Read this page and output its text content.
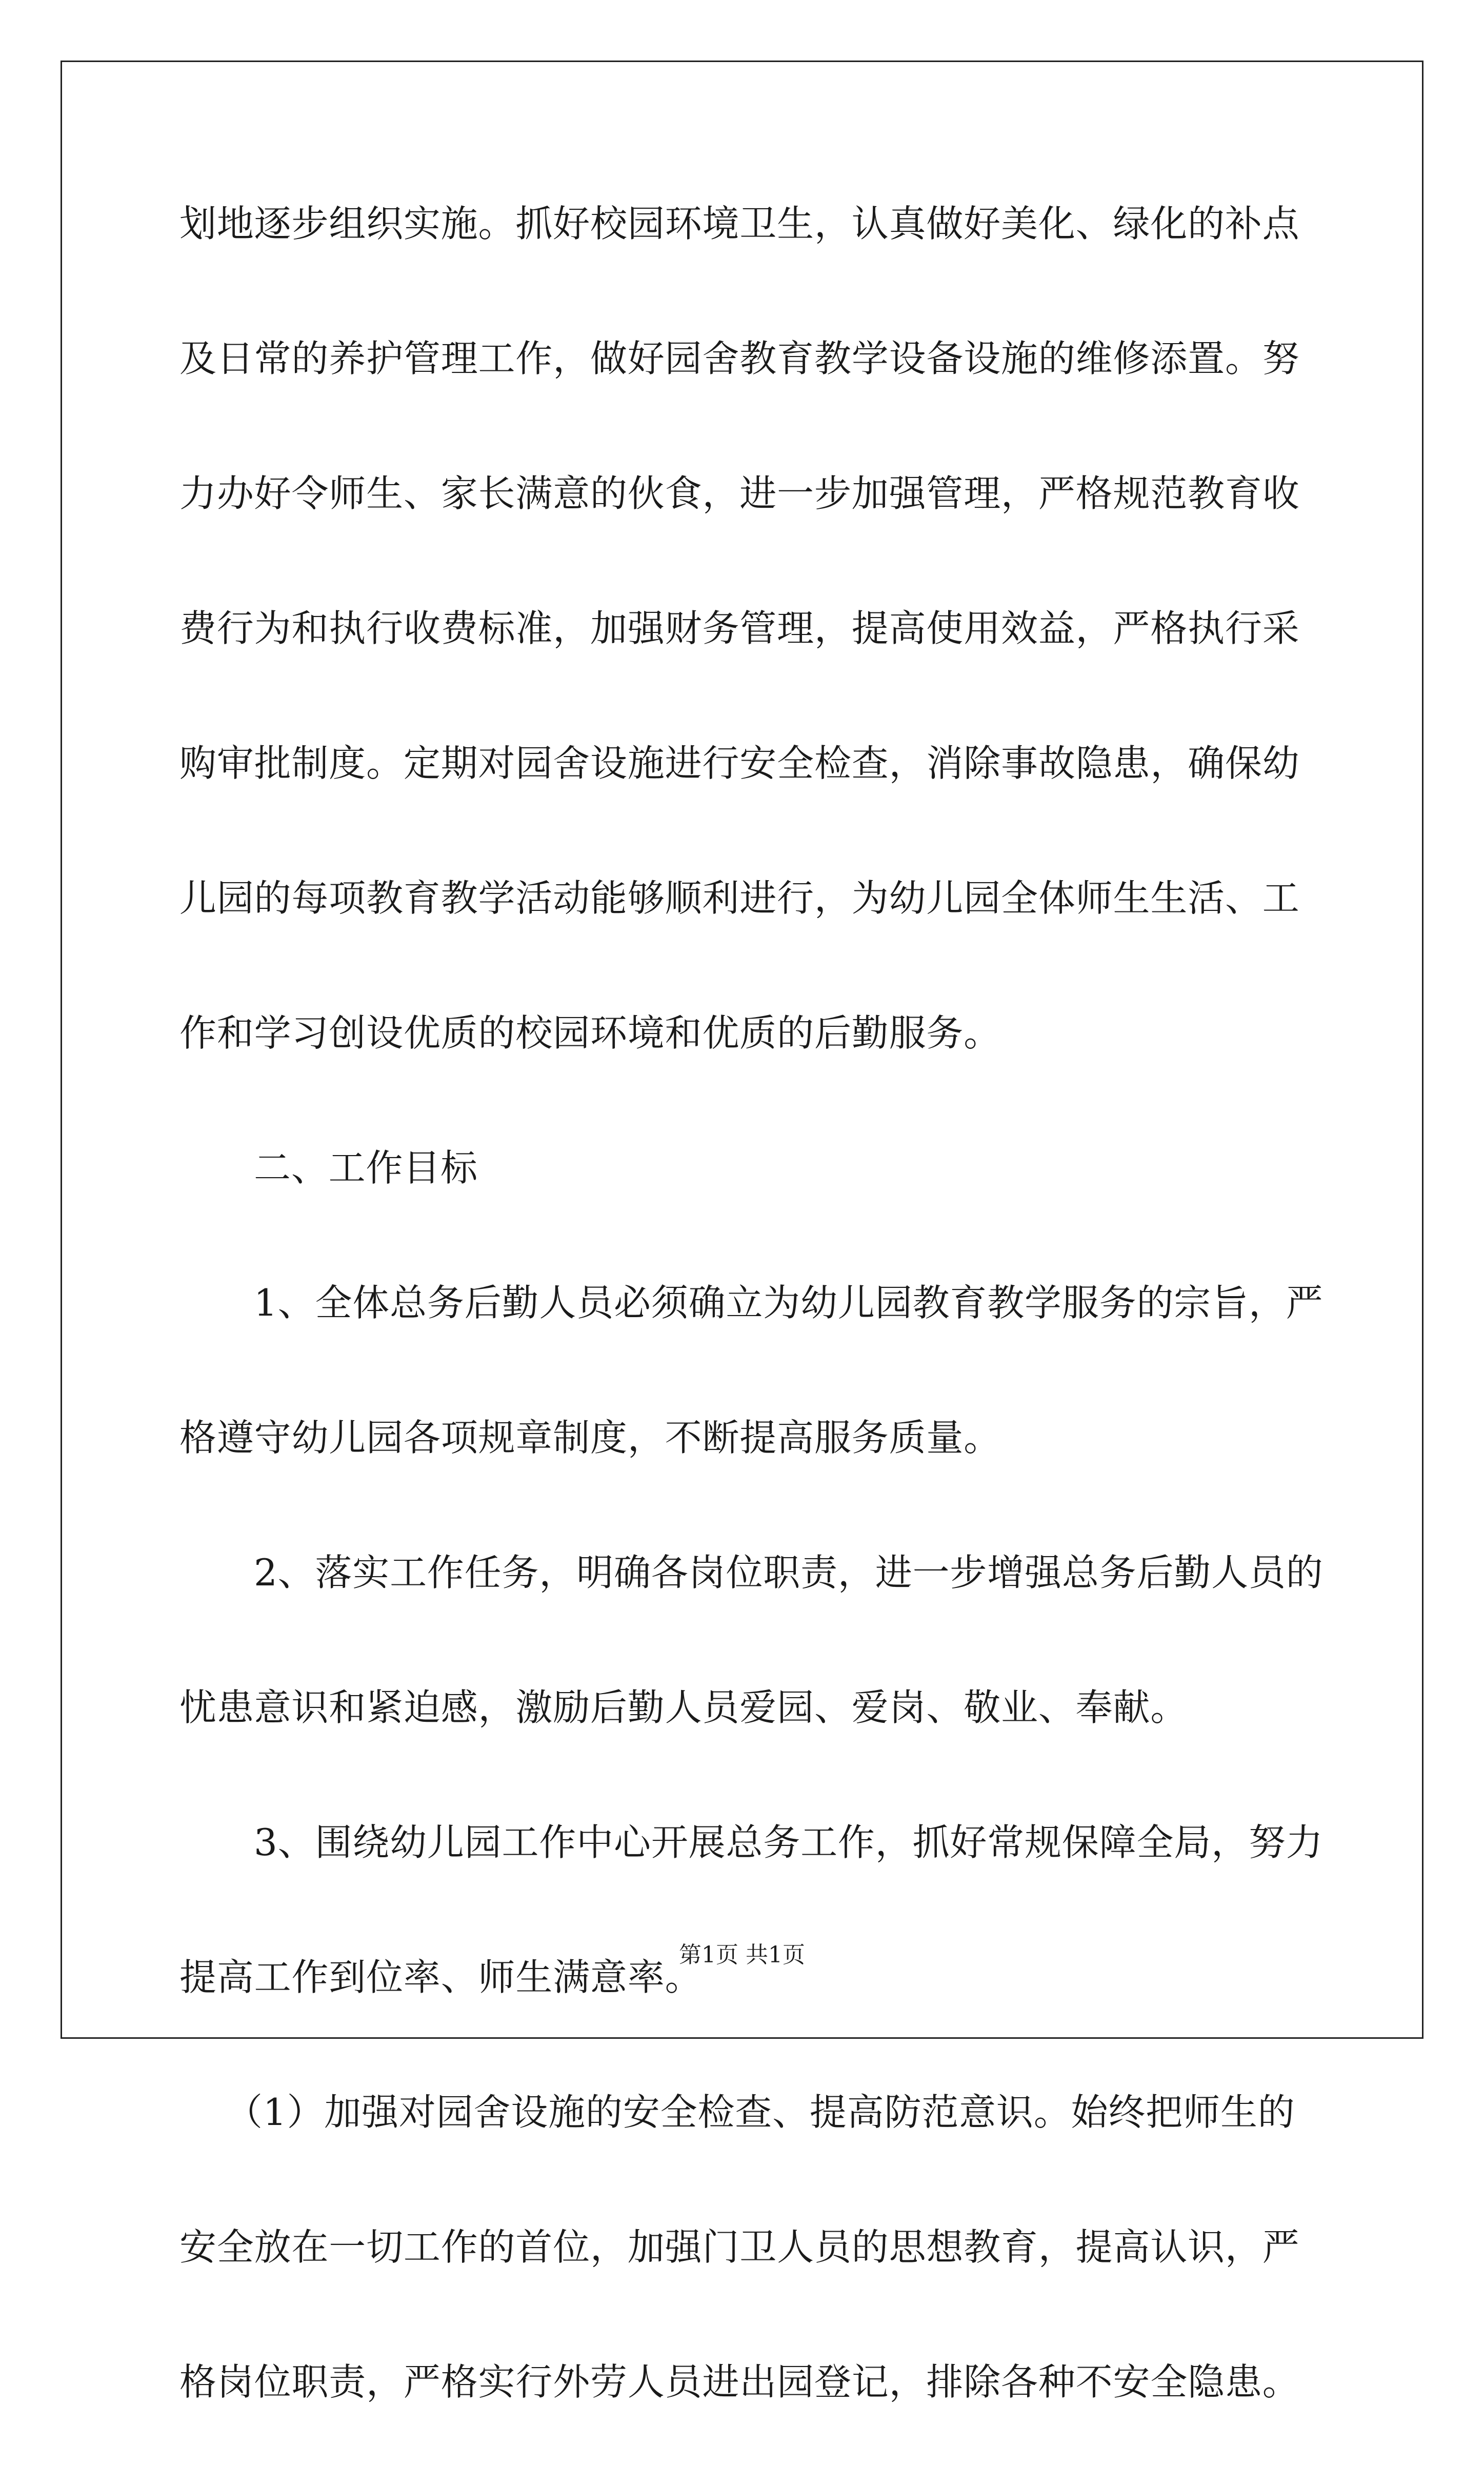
划地逐步组织实施。抓好校园环境卫生，认真做好美化、绿化的补点
及日常的养护管理工作，做好园舍教育教学设备设施的维修添置。努
力办好令师生、家长满意的伙食，进一步加强管理，严格规范教育收
费行为和执行收费标准，加强财务管理，提高使用效益，严格执行采
购审批制度。定期对园舍设施进行安全检查，消除事故隐患，确保幼
儿园的每项教育教学活动能够顺利进行，为幼儿园全体师生生活、工
作和学习创设优质的校园环境和优质的后勤服务。
二、工作目标
1、全体总务后勤人员必须确立为幼儿园教育教学服务的宗旨，严
格遵守幼儿园各项规章制度，不断提高服务质量。
2、落实工作任务，明确各岗位职责，进一步增强总务后勤人员的
忧患意识和紧迫感，激励后勤人员爱园、爱岗、敬业、奉献。
3、围绕幼儿园工作中心开展总务工作，抓好常规保障全局，努力
提高工作到位率、师生满意率。
（1）加强对园舍设施的安全检查、提高防范意识。始终把师生的
安全放在一切工作的首位，加强门卫人员的思想教育，提高认识，严
格岗位职责，严格实行外劳人员进出园登记，排除各种不安全隐患。
第1页 共1页
